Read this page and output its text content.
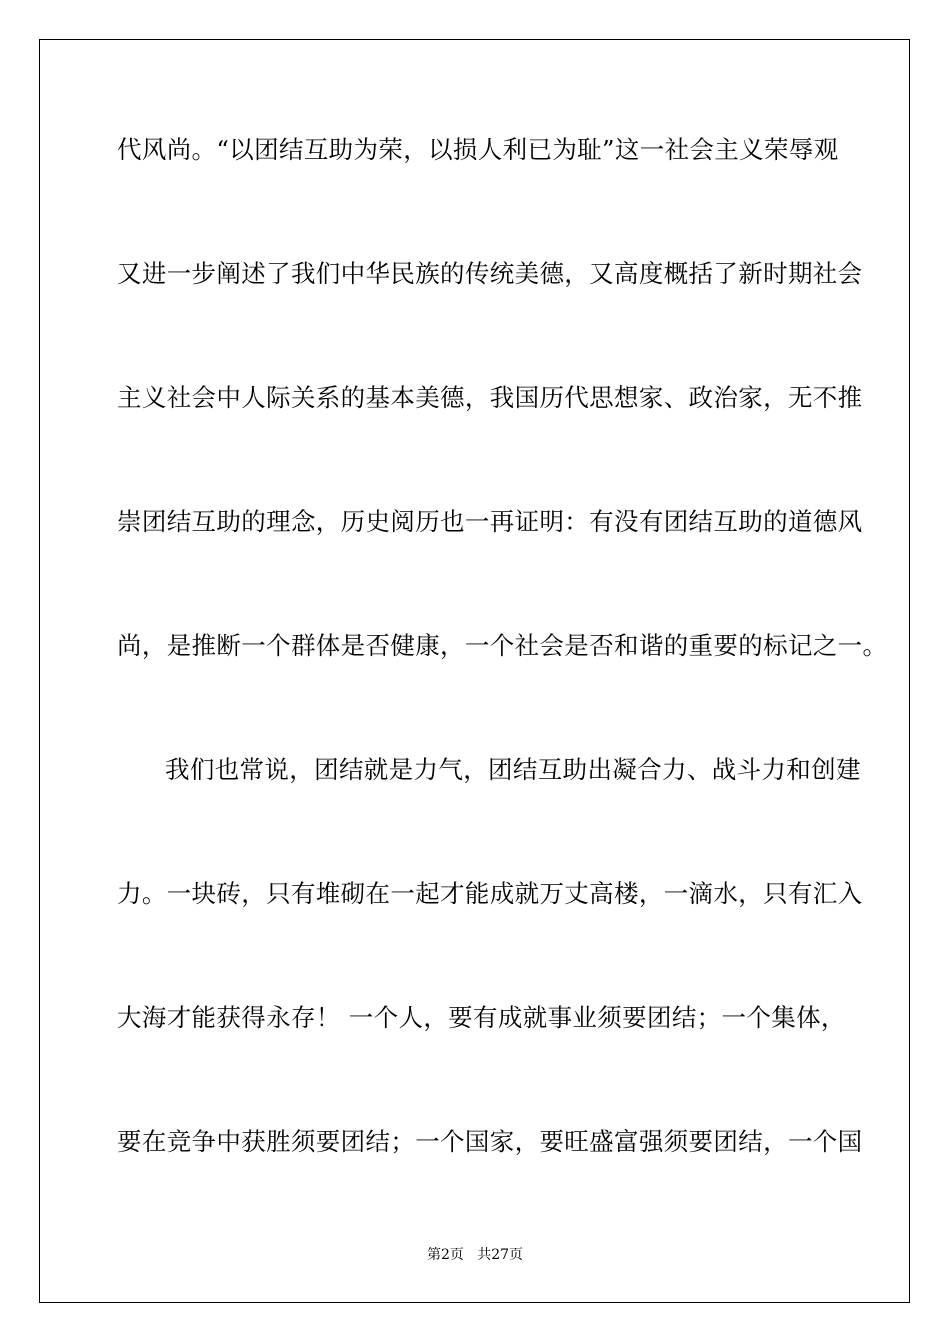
代风尚。“以团结互助为荣，以损人利已为耻”这一社会主义荣辱观
又进一步阐述了我们中华民族的传统美德，又高度概括了新时期社会
主义社会中人际关系的基本美德，我国历代思想家、政治家，无不推
崇团结互助的理念，历史阅历也一再证明：有没有团结互助的道德风
尚，是推断一个群体是否健康，一个社会是否和谐的重要的标记之一。
我们也常说，团结就是力气，团结互助出凝合力、战斗力和创建
力。一块砖，只有堆砌在一起才能成就万丈高楼，一滴水，只有汇入
大海才能获得永存！ 一个人，要有成就事业须要团结；一个集体，
要在竞争中获胜须要团结；一个国家，要旺盛富强须要团结，一个国
第2页   共27页
